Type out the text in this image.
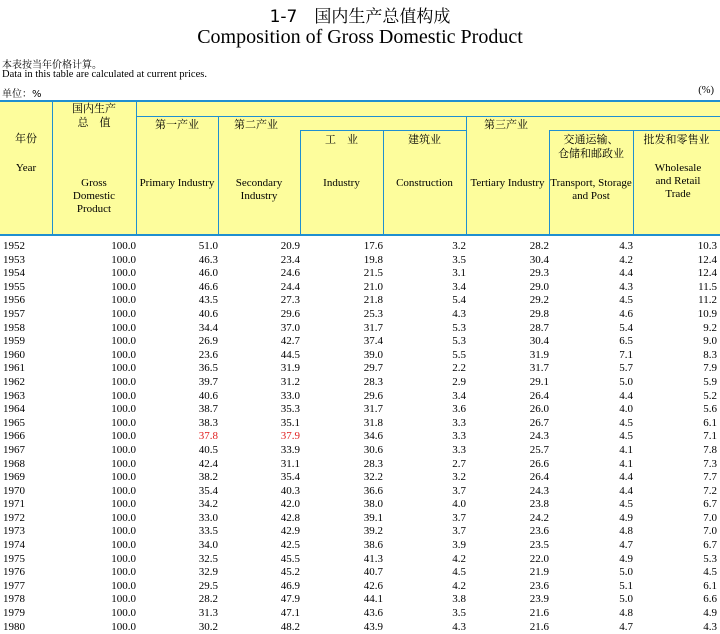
1-7　国内生产总值构成
Composition of Gross Domestic Product
本表按当年价格计算。
Data in this table are calculated at current prices.
单位：%	(%)
年份
Year
国内生产
总　值
Gross Domestic Product
第一产业
Primary Industry
第二产业
Secondary Industry
工　业
Industry
建筑业
Construction
第三产业
Tertiary Industry
交通运输、
仓储和邮政业
Transport, Storage and Post
批发和零售业
Wholesale and Retail Trade
1952	100.0	51.0	20.9	17.6	3.2	28.2	4.3	10.3
1953	100.0	46.3	23.4	19.8	3.5	30.4	4.2	12.4
1954	100.0	46.0	24.6	21.5	3.1	29.3	4.4	12.4
1955	100.0	46.6	24.4	21.0	3.4	29.0	4.3	11.5
1956	100.0	43.5	27.3	21.8	5.4	29.2	4.5	11.2
1957	100.0	40.6	29.6	25.3	4.3	29.8	4.6	10.9
1958	100.0	34.4	37.0	31.7	5.3	28.7	5.4	9.2
1959	100.0	26.9	42.7	37.4	5.3	30.4	6.5	9.0
1960	100.0	23.6	44.5	39.0	5.5	31.9	7.1	8.3
1961	100.0	36.5	31.9	29.7	2.2	31.7	5.7	7.9
1962	100.0	39.7	31.2	28.3	2.9	29.1	5.0	5.9
1963	100.0	40.6	33.0	29.6	3.4	26.4	4.4	5.2
1964	100.0	38.7	35.3	31.7	3.6	26.0	4.0	5.6
1965	100.0	38.3	35.1	31.8	3.3	26.7	4.5	6.1
1966	100.0	37.8	37.9	34.6	3.3	24.3	4.5	7.1
1967	100.0	40.5	33.9	30.6	3.3	25.7	4.1	7.8
1968	100.0	42.4	31.1	28.3	2.7	26.6	4.1	7.3
1969	100.0	38.2	35.4	32.2	3.2	26.4	4.4	7.7
1970	100.0	35.4	40.3	36.6	3.7	24.3	4.4	7.2
1971	100.0	34.2	42.0	38.0	4.0	23.8	4.5	6.7
1972	100.0	33.0	42.8	39.1	3.7	24.2	4.9	7.0
1973	100.0	33.5	42.9	39.2	3.7	23.6	4.8	7.0
1974	100.0	34.0	42.5	38.6	3.9	23.5	4.7	6.7
1975	100.0	32.5	45.5	41.3	4.2	22.0	4.9	5.3
1976	100.0	32.9	45.2	40.7	4.5	21.9	5.0	4.5
1977	100.0	29.5	46.9	42.6	4.2	23.6	5.1	6.1
1978	100.0	28.2	47.9	44.1	3.8	23.9	5.0	6.6
1979	100.0	31.3	47.1	43.6	3.5	21.6	4.8	4.9
1980	100.0	30.2	48.2	43.9	4.3	21.6	4.7	4.3
